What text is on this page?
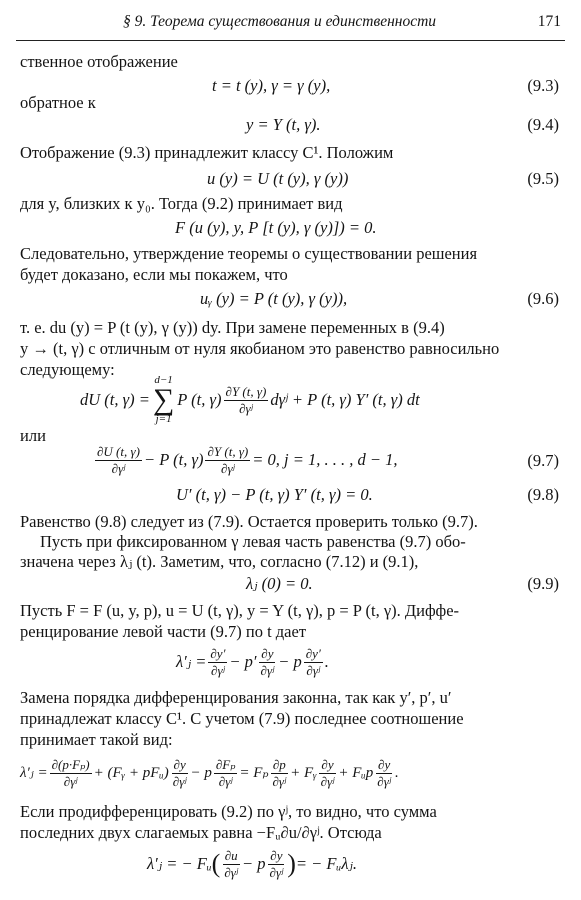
§ 9. Теорема существования и единственности	171
ственное отображение
t = t (y), γ = γ (y),	(9.3)
обратное к
y = Y (t, γ).	(9.4)
Отображение (9.3) принадлежит классу C¹. Положим
u (y) = U (t (y), γ (y))	(9.5)
для y, близких к y₀. Тогда (9.2) принимает вид
F (u (y), y, P [t (y), γ (y)]) = 0.
Следовательно, утверждение теоремы о существовании решения
будет доказано, если мы покажем, что
uᵧ (y) = P (t (y), γ (y)),	(9.6)
т. е. du (y) = P (t (y), γ (y)) dy. При замене переменных в (9.4)
y → (t, γ) с отличным от нуля якобианом это равенство равносильно
следующему:
dU (t, γ) =
d−1
∑
j=1
P (t, $\gamma) \frac{\partial Y (t, \gamma)}{\text{∂γʲ}}$ dγʲ + P (t, γ) Y′ (t, γ) dt
или
$\frac{\partial U (t, \gamma)}{\text{∂γʲ}} - P$ (t, $\gamma) \frac{\partial Y (t, \gamma)}{\text{∂γʲ}} = 0$, j = 1, . . . , d − 1,	(9.7)
U′ (t, γ) − P (t, γ) Y′ (t, γ) = 0.	(9.8)
Равенство (9.8) следует из (7.9). Остается проверить только (9.7).
Пусть при фиксированном γ левая часть равенства (9.7) обо-
значена через λⱼ (t). Заметим, что, согласно (7.12) и (9.1),
λⱼ (0) = 0.	(9.9)
Пусть F = F (u, y, p), u = U (t, γ), y = Y (t, γ), p = P (t, γ). Диффе-
ренцирование левой части (9.7) по t дает
λ′ⱼ = $\frac{\partial y'}{\text{∂γʲ}} - p' \frac{\partial y}{\text{∂γʲ}} - p \frac{\partial y'}{\text{∂γʲ}}$ .
Замена порядка дифференцирования законна, так как y′, p′, u′
принадлежат классу C¹. С учетом (7.9) последнее соотношение
принимает такой вид:
λ′ⱼ = $\frac{\text{∂(p·Fₚ)}}{\text{∂γʲ}}$ + (Fᵧ + pFᵤ) $\frac{\partial y}{\text{∂γʲ}} - p \frac{\text{∂Fₚ}}{\text{∂γʲ}} = F_p \frac{\partial p}{\text{∂γʲ}}$ + Fᵧ $\frac{\partial y}{\text{∂γʲ}}$ + Fᵤp $\frac{\partial y}{\text{∂γʲ}}$ .
Если продифференцировать (9.2) по γʲ, то видно, что сумма
последних двух слагаемых равна −Fᵤ∂u/∂γʲ. Отсюда
λ′ⱼ = − Fᵤ ( $\frac{\partial u}{\text{∂γʲ}} - p \frac{\partial y}{\text{∂γʲ}}$ ) = − Fᵤλⱼ.
